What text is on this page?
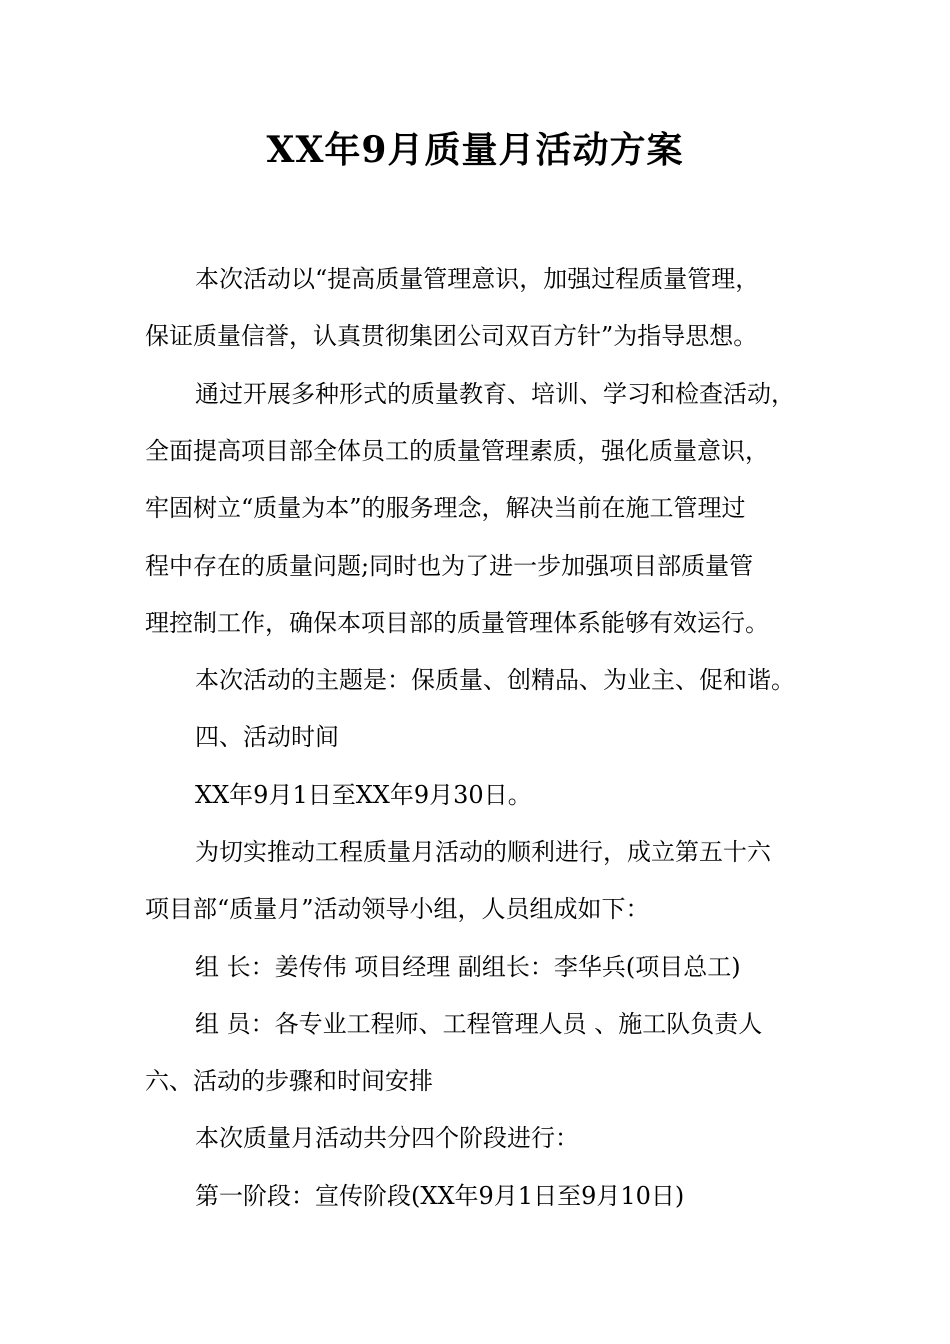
XX年9月质量月活动方案
本次活动以“提高质量管理意识，加强过程质量管理，
保证质量信誉，认真贯彻集团公司双百方针”为指导思想。
通过开展多种形式的质量教育、培训、学习和检查活动，
全面提高项目部全体员工的质量管理素质，强化质量意识，
牢固树立“质量为本”的服务理念，解决当前在施工管理过
程中存在的质量问题;同时也为了进一步加强项目部质量管
理控制工作，确保本项目部的质量管理体系能够有效运行。
本次活动的主题是：保质量、创精品、为业主、促和谐。
四、活动时间
XX年9月1日至XX年9月30日。
为切实推动工程质量月活动的顺利进行，成立第五十六
项目部“质量月”活动领导小组，人员组成如下：
组 长：姜传伟 项目经理 副组长：李华兵(项目总工)
组 员：各专业工程师、工程管理人员 、施工队负责人
六、活动的步骤和时间安排
本次质量月活动共分四个阶段进行：
第一阶段：宣传阶段(XX年9月1日至9月10日)
